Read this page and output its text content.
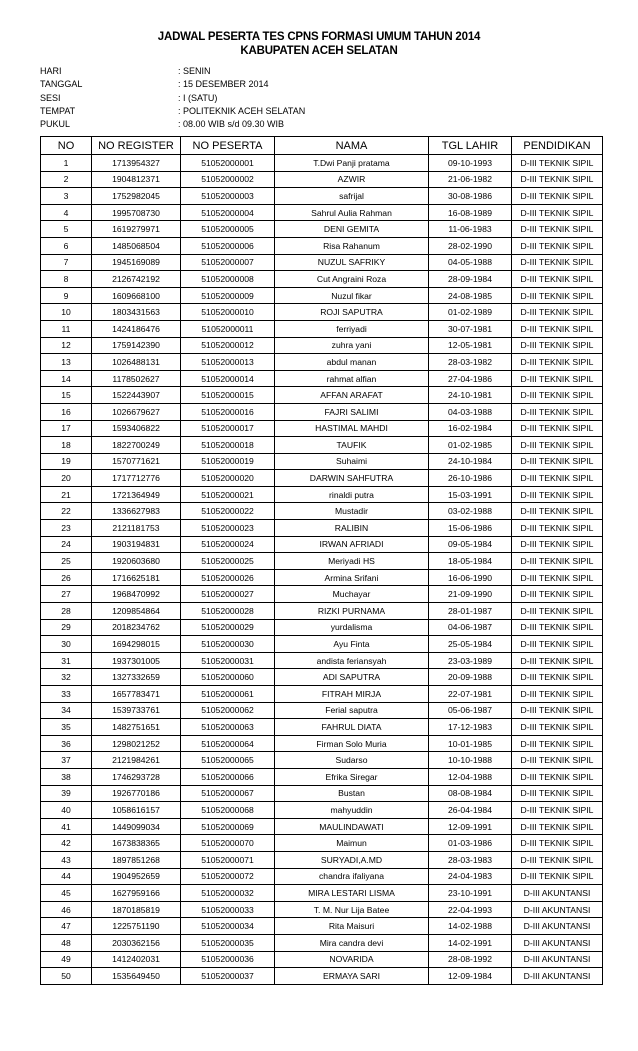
JADWAL PESERTA TES CPNS FORMASI UMUM TAHUN 2014
KABUPATEN ACEH SELATAN
HARI	: SENIN
TANGGAL	: 15 DESEMBER 2014
SESI	: I (SATU)
TEMPAT	: POLITEKNIK ACEH SELATAN
PUKUL	: 08.00 WIB s/d 09.30 WIB
NO	NO REGISTER	NO PESERTA	NAMA	TGL LAHIR	PENDIDIKAN
1	1713954327	51052000001	T.Dwi Panji pratama	09-10-1993	D-III TEKNIK SIPIL
2	1904812371	51052000002	AZWIR	21-06-1982	D-III TEKNIK SIPIL
3	1752982045	51052000003	safrijal	30-08-1986	D-III TEKNIK SIPIL
4	1995708730	51052000004	Sahrul Aulia Rahman	16-08-1989	D-III TEKNIK SIPIL
5	1619279971	51052000005	DENI GEMITA	11-06-1983	D-III TEKNIK SIPIL
6	1485068504	51052000006	Risa Rahanum	28-02-1990	D-III TEKNIK SIPIL
7	1945169089	51052000007	NUZUL SAFRIKY	04-05-1988	D-III TEKNIK SIPIL
8	2126742192	51052000008	Cut Angraini Roza	28-09-1984	D-III TEKNIK SIPIL
9	1609668100	51052000009	Nuzul fikar	24-08-1985	D-III TEKNIK SIPIL
10	1803431563	51052000010	ROJI SAPUTRA	01-02-1989	D-III TEKNIK SIPIL
11	1424186476	51052000011	ferriyadi	30-07-1981	D-III TEKNIK SIPIL
12	1759142390	51052000012	zuhra yani	12-05-1981	D-III TEKNIK SIPIL
13	1026488131	51052000013	abdul manan	28-03-1982	D-III TEKNIK SIPIL
14	1178502627	51052000014	rahmat alfian	27-04-1986	D-III TEKNIK SIPIL
15	1522443907	51052000015	AFFAN ARAFAT	24-10-1981	D-III TEKNIK SIPIL
16	1026679627	51052000016	FAJRI SALIMI	04-03-1988	D-III TEKNIK SIPIL
17	1593406822	51052000017	HASTIMAL MAHDI	16-02-1984	D-III TEKNIK SIPIL
18	1822700249	51052000018	TAUFIK	01-02-1985	D-III TEKNIK SIPIL
19	1570771621	51052000019	Suhaimi	24-10-1984	D-III TEKNIK SIPIL
20	1717712776	51052000020	DARWIN SAHFUTRA	26-10-1986	D-III TEKNIK SIPIL
21	1721364949	51052000021	rinaldi putra	15-03-1991	D-III TEKNIK SIPIL
22	1336627983	51052000022	Mustadir	03-02-1988	D-III TEKNIK SIPIL
23	2121181753	51052000023	RALIBIN	15-06-1986	D-III TEKNIK SIPIL
24	1903194831	51052000024	IRWAN AFRIADI	09-05-1984	D-III TEKNIK SIPIL
25	1920603680	51052000025	Meriyadi HS	18-05-1984	D-III TEKNIK SIPIL
26	1716625181	51052000026	Armina Srifani	16-06-1990	D-III TEKNIK SIPIL
27	1968470992	51052000027	Muchayar	21-09-1990	D-III TEKNIK SIPIL
28	1209854864	51052000028	RIZKI PURNAMA	28-01-1987	D-III TEKNIK SIPIL
29	2018234762	51052000029	yurdalisma	04-06-1987	D-III TEKNIK SIPIL
30	1694298015	51052000030	Ayu Finta	25-05-1984	D-III TEKNIK SIPIL
31	1937301005	51052000031	andista feriansyah	23-03-1989	D-III TEKNIK SIPIL
32	1327332659	51052000060	ADI SAPUTRA	20-09-1988	D-III TEKNIK SIPIL
33	1657783471	51052000061	FITRAH MIRJA	22-07-1981	D-III TEKNIK SIPIL
34	1539733761	51052000062	Ferial saputra	05-06-1987	D-III TEKNIK SIPIL
35	1482751651	51052000063	FAHRUL DIATA	17-12-1983	D-III TEKNIK SIPIL
36	1298021252	51052000064	Firman Solo Muria	10-01-1985	D-III TEKNIK SIPIL
37	2121984261	51052000065	Sudarso	10-10-1988	D-III TEKNIK SIPIL
38	1746293728	51052000066	Efrika Siregar	12-04-1988	D-III TEKNIK SIPIL
39	1926770186	51052000067	Bustan	08-08-1984	D-III TEKNIK SIPIL
40	1058616157	51052000068	mahyuddin	26-04-1984	D-III TEKNIK SIPIL
41	1449099034	51052000069	MAULINDAWATI	12-09-1991	D-III TEKNIK SIPIL
42	1673838365	51052000070	Maimun	01-03-1986	D-III TEKNIK SIPIL
43	1897851268	51052000071	SURYADI,A.MD	28-03-1983	D-III TEKNIK SIPIL
44	1904952659	51052000072	chandra ifaliyana	24-04-1983	D-III TEKNIK SIPIL
45	1627959166	51052000032	MIRA LESTARI LISMA	23-10-1991	D-III AKUNTANSI
46	1870185819	51052000033	T. M. Nur Lija Batee	22-04-1993	D-III AKUNTANSI
47	1225751190	51052000034	Rita Maisuri	14-02-1988	D-III AKUNTANSI
48	2030362156	51052000035	Mira candra devi	14-02-1991	D-III AKUNTANSI
49	1412402031	51052000036	NOVARIDA	28-08-1992	D-III AKUNTANSI
50	1535649450	51052000037	ERMAYA SARI	12-09-1984	D-III AKUNTANSI
